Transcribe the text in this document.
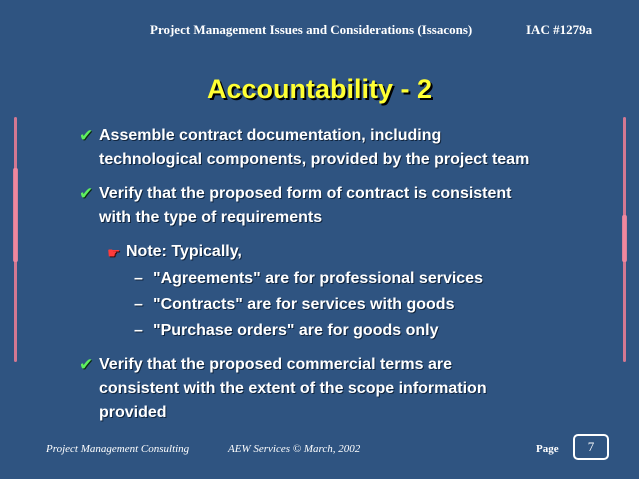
Project Management Issues and Considerations (Issacons)	IAC #1279a
Accountability - 2
✔ Assemble contract documentation, including
technological components, provided by the project team
✔ Verify that the proposed form of contract is consistent
with the type of requirements
☛ Note: Typically,
– "Agreements" are for professional services
– "Contracts" are for services with goods
– "Purchase orders" are for goods only
✔ Verify that the proposed commercial terms are
consistent with the extent of the scope information
provided
Project Management Consulting	AEW Services © March, 2002	Page	7
